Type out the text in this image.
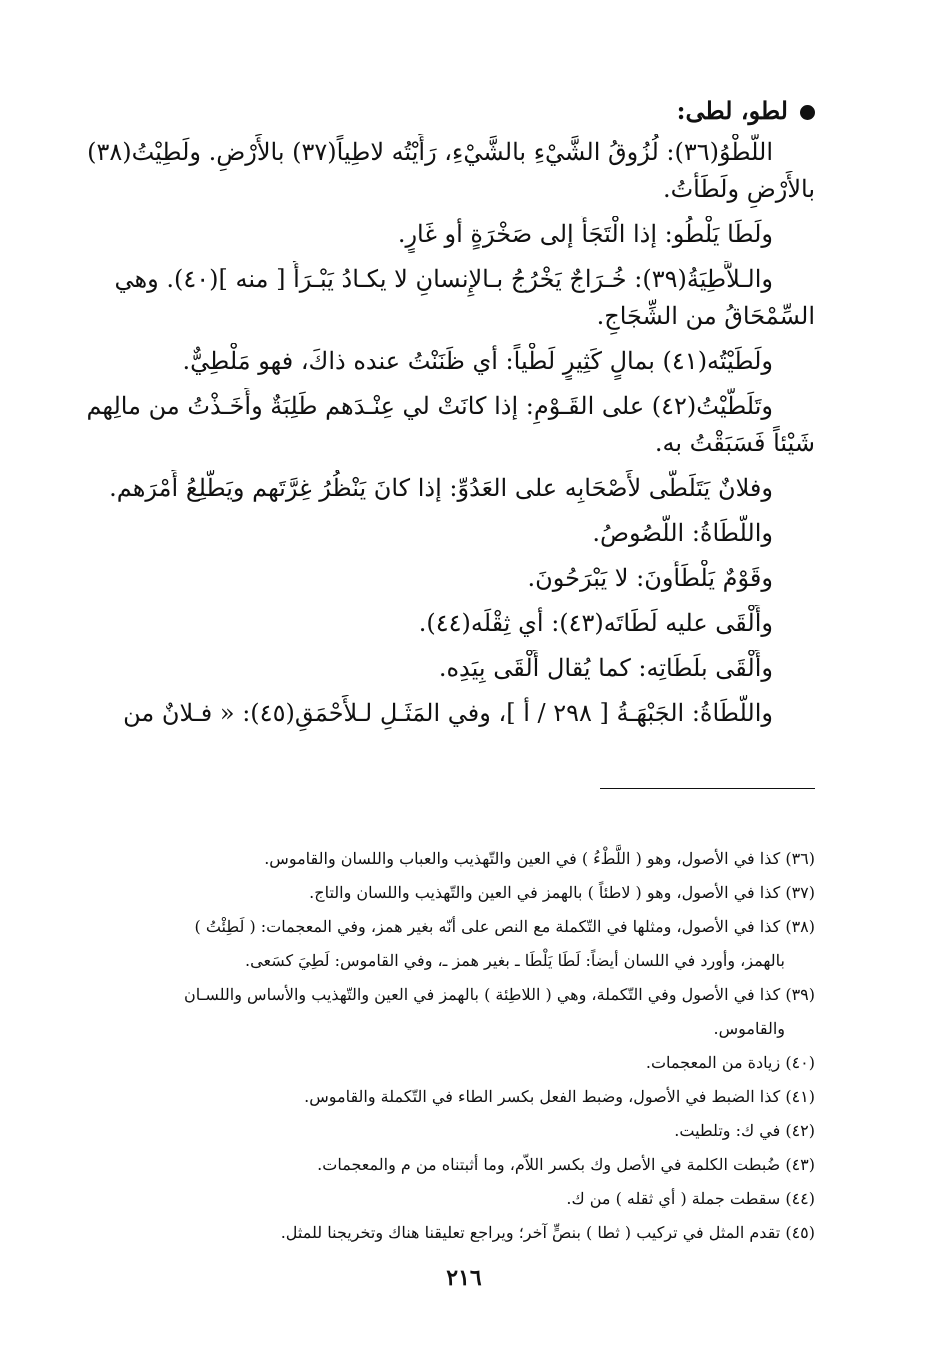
لطو، لطى:
اللَّطْوُ(٣٦): لُزُوقُ الشَّيْءِ بالشَّيْءِ، رَأَيْتُه لاطِياً(٣٧) بالأَرْضِ. ولَطِيْتُ(٣٨)
بالأَرْضِ ولَطَأْتُ.
ولَطَا يَلْطُو: إذا الْتَجَأَ إلى صَخْرَةٍ أو غَارٍ.
والـلاَّطِيَةُ(٣٩): خُـرَاجٌ يَخْرُجُ بـالإِنسانِ لا يكـادُ يَبْـرَأُ [ منه ](٤٠). وهي
السِّمْحَاقُ من الشِّجَاجِ.
ولَطَيْتُه(٤١) بمالٍ كَثِيرٍ لَطْياً: أي ظَنَنْتُ عنده ذاكَ، فهو مَلْطِيٌّ.
وتَلَطَّيْتُ(٤٢) على القَـوْمِ: إذا كانَتْ لي عِنْـدَهم طَلِبَةٌ وأَخَـذْتُ من مالِهم
شَيْئاً فَسَبَقْتُ به.
وفلانٌ يَتَلَطَّى لأَصْحَابِه على العَدُوِّ: إذا كانَ يَنْظُرُ غِرَّتَهم ويَطَّلِعُ أَمْرَهم.
واللُّطَاةُ: اللُّصُوصُ.
وقَوْمٌ يَلْطَأُونَ: لا يَبْرَحُونَ.
وأَلْقَى عليه لَطَاتَه(٤٣): أي ثِقْلَه(٤٤).
وأَلْقَى بلَطَاتِه: كما يُقال أَلْقَى بِيَدِه.
واللُّطَاةُ: الجَبْهَـةُ [ ٢٩٨ / أ ]، وفي المَثَـلِ لـلأَحْمَقِ(٤٥): « فـلانٌ من
(٣٦) كذا في الأصول، وهو ( اللَّطْءُ ) في العين والتّهذيب والعباب واللسان والقاموس.
(٣٧) كذا في الأصول، وهو ( لاطئاً ) بالهمز في العين والتّهذيب واللسان والتاج.
(٣٨) كذا في الأصول، ومثلها في التّكملة مع النص على أنّه بغير همز، وفي المعجمات: ( لَطِئْتُ )
بالهمز، وأورد في اللسان أيضاً: لَطَا يَلْطَا ـ بغير همز ـ، وفي القاموس: لَطِيَ كسَعى.
(٣٩) كذا في الأصول وفي التّكملة، وهي ( اللاطِئة ) بالهمز في العين والتّهذيب والأساس واللسـان
والقاموس.
(٤٠) زيادة من المعجمات.
(٤١) كذا الضبط في الأصول، وضبط الفعل بكسر الطاء في التّكملة والقاموس.
(٤٢) في ك: وتلطيت.
(٤٣) ضُبطت الكلمة في الأصل وك بكسر اللاّم، وما أثبتناه من م والمعجمات.
(٤٤) سقطت جملة ( أي ثقله ) من ك.
(٤٥) تقدم المثل في تركيب ( ثطا ) بنصٍّ آخر؛ ويراجع تعليقنا هناك وتخريجنا للمثل.
٢١٦
